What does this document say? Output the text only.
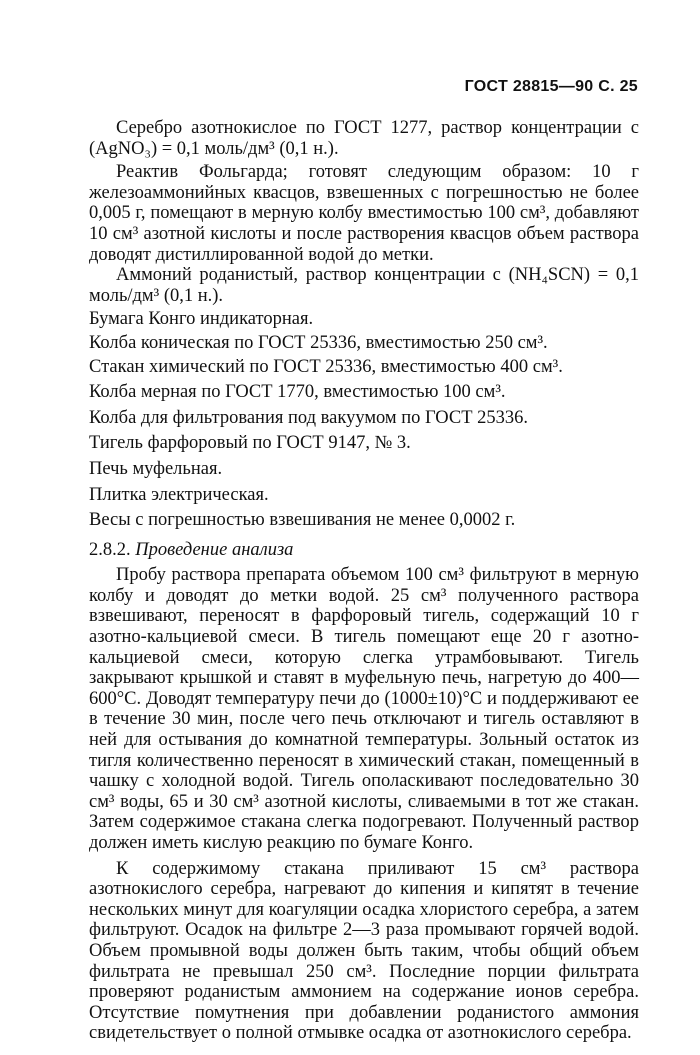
ГОСТ 28815—90 С. 25

Серебро азотнокислое по ГОСТ 1277, раствор концентрации c (AgNO₃) = 0,1 моль/дм³ (0,1 н.).

Реактив Фольгарда; готовят следующим образом: 10 г железоаммонийных квасцов, взвешенных с погрешностью не более 0,005 г, помещают в мерную колбу вместимостью 100 см³, добавляют 10 см³ азотной кислоты и после растворения квасцов объем раствора доводят дистиллированной водой до метки.

Аммоний роданистый, раствор концентрации c (NH₄SCN) = 0,1 моль/дм³ (0,1 н.).

Бумага Конго индикаторная.

Колба коническая по ГОСТ 25336, вместимостью 250 см³.

Стакан химический по ГОСТ 25336, вместимостью 400 см³.

Колба мерная по ГОСТ 1770, вместимостью 100 см³.

Колба для фильтрования под вакуумом по ГОСТ 25336.

Тигель фарфоровый по ГОСТ 9147, № 3.

Печь муфельная.

Плитка электрическая.

Весы с погрешностью взвешивания не менее 0,0002 г.

2.8.2. Проведение анализа

Пробу раствора препарата объемом 100 см³ фильтруют в мерную колбу и доводят до метки водой. 25 см³ полученного раствора взвешивают, переносят в фарфоровый тигель, содержащий 10 г азотно-кальциевой смеси. В тигель помещают еще 20 г азотно-кальциевой смеси, которую слегка утрамбовывают. Тигель закрывают крышкой и ставят в муфельную печь, нагретую до 400—600°C. Доводят температуру печи до (1000±10)°C и поддерживают ее в течение 30 мин, после чего печь отключают и тигель оставляют в ней для остывания до комнатной температуры. Зольный остаток из тигля количественно переносят в химический стакан, помещенный в чашку с холодной водой. Тигель ополаскивают последовательно 30 см³ воды, 65 и 30 см³ азотной кислоты, сливаемыми в тот же стакан. Затем содержимое стакана слегка подогревают. Полученный раствор должен иметь кислую реакцию по бумаге Конго.

К содержимому стакана приливают 15 см³ раствора азотнокислого серебра, нагревают до кипения и кипятят в течение нескольких минут для коагуляции осадка хлористого серебра, а затем фильтруют. Осадок на фильтре 2—3 раза промывают горячей водой. Объем промывной воды должен быть таким, чтобы общий объем фильтрата не превышал 250 см³. Последние порции фильтрата проверяют роданистым аммонием на содержание ионов серебра. Отсутствие помутнения при добавлении роданистого аммония свидетельствует о полной отмывке осадка от азотнокислого серебра.
